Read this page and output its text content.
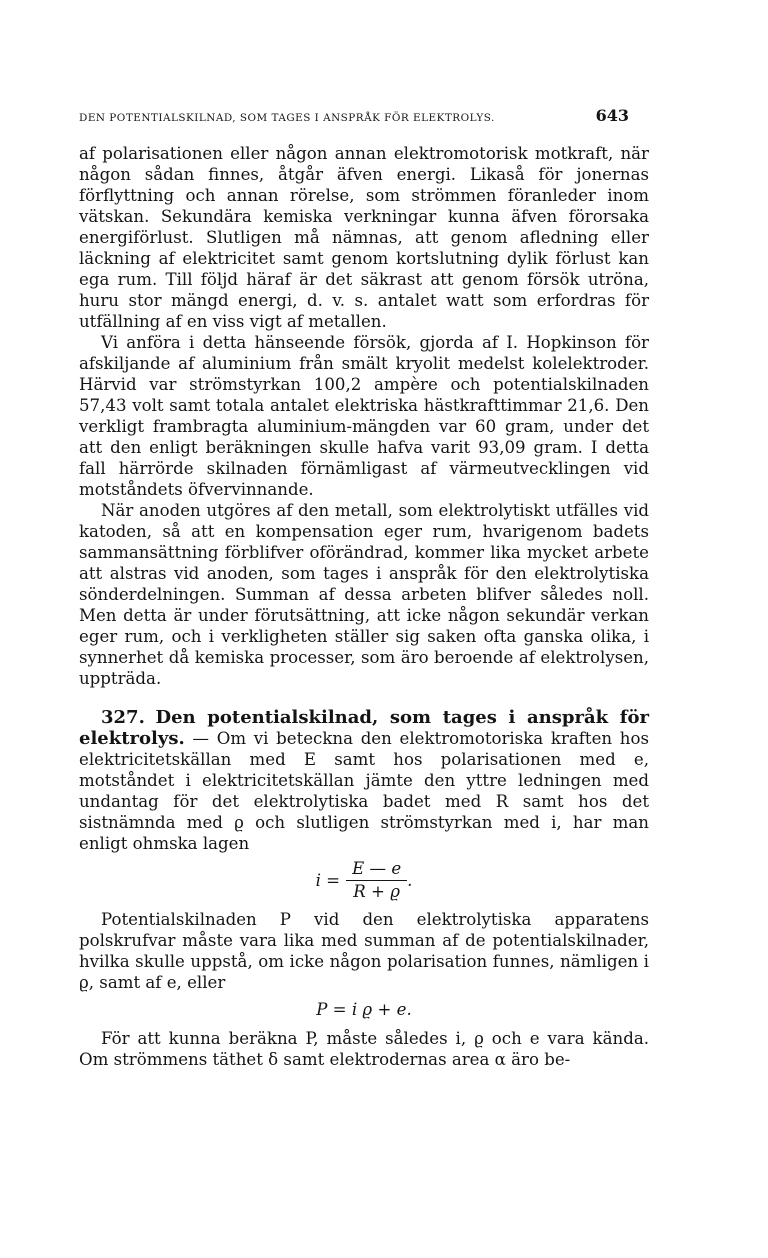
DEN POTENTIALSKILNAD, SOM TAGES I ANSPRÅK FÖR ELEKTROLYS.	643

af polarisationen eller någon annan elektromotorisk motkraft, när någon sådan finnes, åtgår äfven energi. Likaså för jonernas förflyttning och annan rörelse, som strömmen föranleder inom vätskan. Sekundära kemiska verkningar kunna äfven förorsaka energiförlust. Slutligen må nämnas, att genom afledning eller läckning af elektricitet samt genom kortslutning dylik förlust kan ega rum. Till följd häraf är det säkrast att genom försök utröna, huru stor mängd energi, d. v. s. antalet watt som erfordras för utfällning af en viss vigt af metallen.

Vi anföra i detta hänseende försök, gjorda af I. Hopkinson för afskiljande af aluminium från smält kryolit medelst kolelektroder. Härvid var strömstyrkan 100,2 ampère och potentialskilnaden 57,43 volt samt totala antalet elektriska hästkrafttimmar 21,6. Den verkligt frambragta aluminium-mängden var 60 gram, under det att den enligt beräkningen skulle hafva varit 93,09 gram. I detta fall härrörde skilnaden förnämligast af värmeutvecklingen vid motståndets öfvervinnande.

När anoden utgöres af den metall, som elektrolytiskt utfälles vid katoden, så att en kompensation eger rum, hvarigenom badets sammansättning förblifver oförändrad, kommer lika mycket arbete att alstras vid anoden, som tages i anspråk för den elektrolytiska sönderdelningen. Summan af dessa arbeten blifver således noll. Men detta är under förutsättning, att icke någon sekundär verkan eger rum, och i verkligheten ställer sig saken ofta ganska olika, i synnerhet då kemiska processer, som äro beroende af elektrolysen, uppträda.

327. Den potentialskilnad, som tages i anspråk för elektrolys. — Om vi beteckna den elektromotoriska kraften hos elektricitetskällan med E samt hos polarisationen med e, motståndet i elektricitetskällan jämte den yttre ledningen med undantag för det elektrolytiska badet med R samt hos det sistnämnda med ϱ och slutligen strömstyrkan med i, har man enligt ohmska lagen

$i = \frac{E — e}{R + ϱ}$ .

Potentialskilnaden P vid den elektrolytiska apparatens polskrufvar måste vara lika med summan af de potentialskilnader, hvilka skulle uppstå, om icke någon polarisation funnes, nämligen i ϱ, samt af e, eller

P = i ϱ + e.

För att kunna beräkna P, måste således i, ϱ och e vara kända. Om strömmens täthet δ samt elektrodernas area α äro be-
